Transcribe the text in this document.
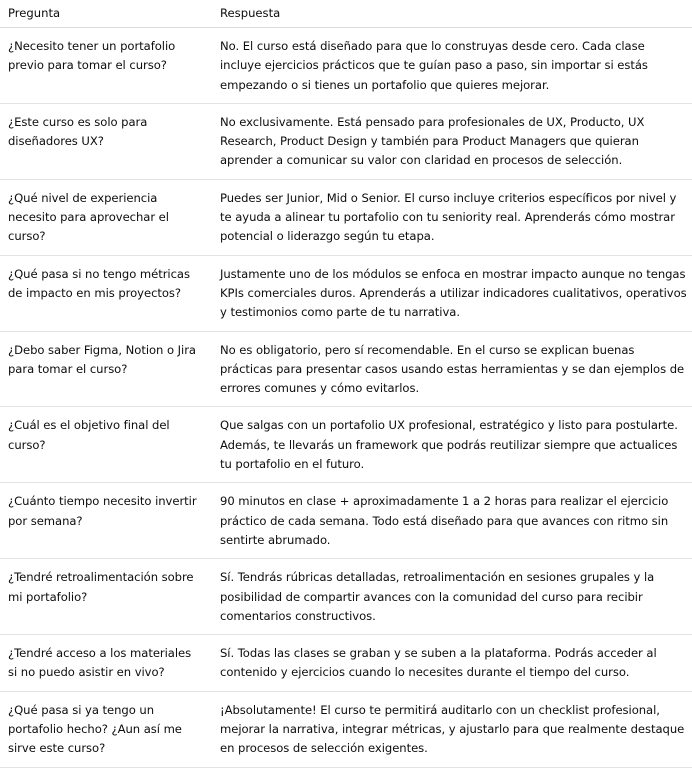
Pregunta	Respuesta
¿Necesito tener un portafolio previo para tomar el curso?	No. El curso está diseñado para que lo construyas desde cero. Cada clase incluye ejercicios prácticos que te guían paso a paso, sin importar si estás empezando o si tienes un portafolio que quieres mejorar.
¿Este curso es solo para diseñadores UX?	No exclusivamente. Está pensado para profesionales de UX, Producto, UX Research, Product Design y también para Product Managers que quieran aprender a comunicar su valor con claridad en procesos de selección.
¿Qué nivel de experiencia necesito para aprovechar el curso?	Puedes ser Junior, Mid o Senior. El curso incluye criterios específicos por nivel y te ayuda a alinear tu portafolio con tu seniority real. Aprenderás cómo mostrar potencial o liderazgo según tu etapa.
¿Qué pasa si no tengo métricas de impacto en mis proyectos?	Justamente uno de los módulos se enfoca en mostrar impacto aunque no tengas KPIs comerciales duros. Aprenderás a utilizar indicadores cualitativos, operativos y testimonios como parte de tu narrativa.
¿Debo saber Figma, Notion o Jira para tomar el curso?	No es obligatorio, pero sí recomendable. En el curso se explican buenas prácticas para presentar casos usando estas herramientas y se dan ejemplos de errores comunes y cómo evitarlos.
¿Cuál es el objetivo final del curso?	Que salgas con un portafolio UX profesional, estratégico y listo para postularte. Además, te llevarás un framework que podrás reutilizar siempre que actualices tu portafolio en el futuro.
¿Cuánto tiempo necesito invertir por semana?	90 minutos en clase + aproximadamente 1 a 2 horas para realizar el ejercicio práctico de cada semana. Todo está diseñado para que avances con ritmo sin sentirte abrumado.
¿Tendré retroalimentación sobre mi portafolio?	Sí. Tendrás rúbricas detalladas, retroalimentación en sesiones grupales y la posibilidad de compartir avances con la comunidad del curso para recibir comentarios constructivos.
¿Tendré acceso a los materiales si no puedo asistir en vivo?	Sí. Todas las clases se graban y se suben a la plataforma. Podrás acceder al contenido y ejercicios cuando lo necesites durante el tiempo del curso.
¿Qué pasa si ya tengo un portafolio hecho? ¿Aun así me sirve este curso?	¡Absolutamente! El curso te permitirá auditarlo con un checklist profesional, mejorar la narrativa, integrar métricas, y ajustarlo para que realmente destaque en procesos de selección exigentes.
